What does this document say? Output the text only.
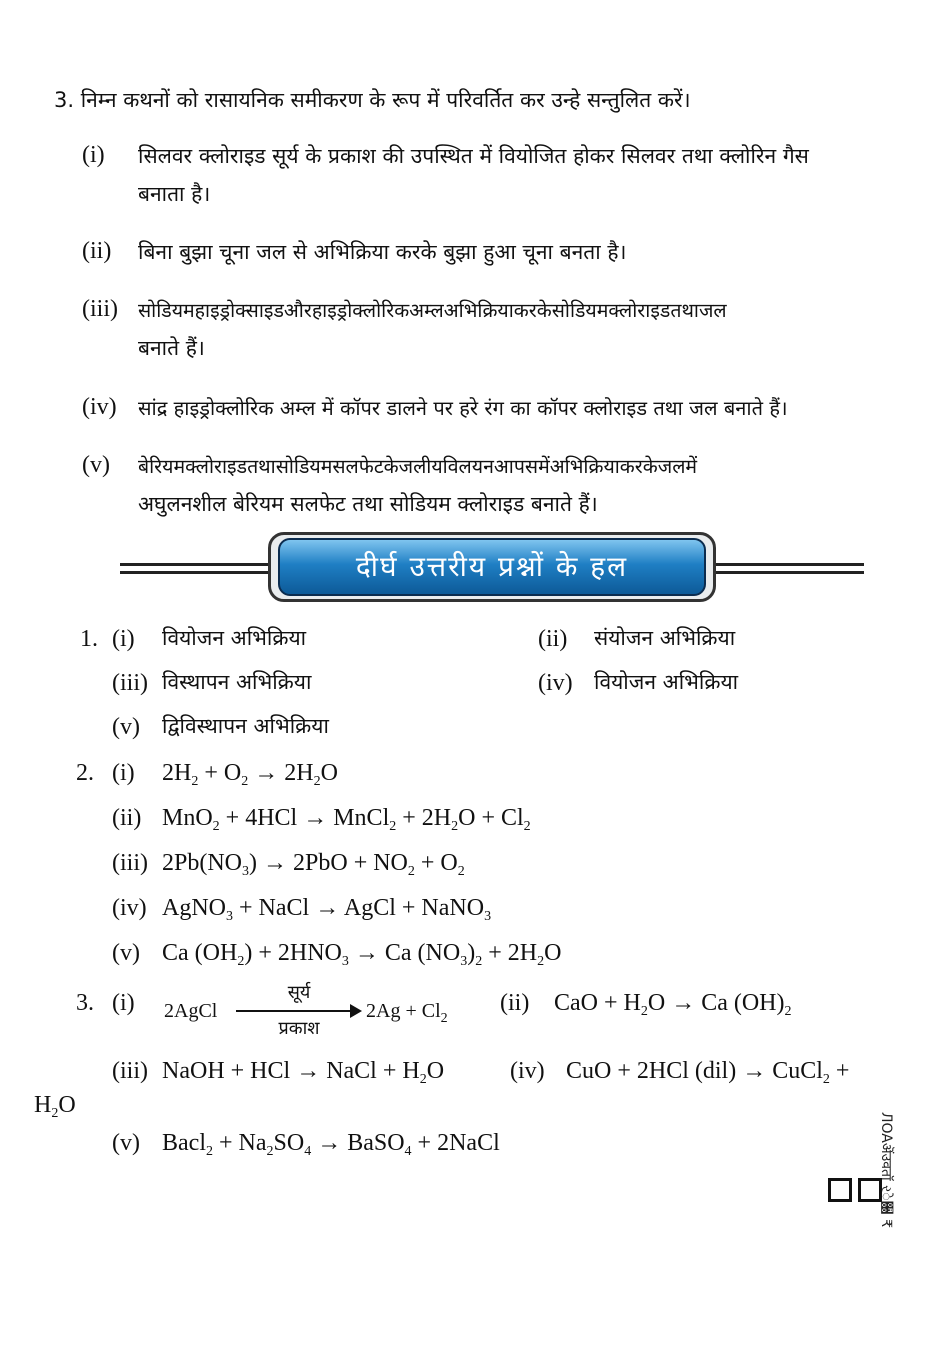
3. निम्न कथनों को रासायनिक समीकरण के रूप में परिवर्तित कर उन्हे सन्तुलित करें।
(i) सिलवर क्लोराइड सूर्य के प्रकाश की उपस्थित में वियोजित होकर सिलवर तथा क्लोरिन गैस
बनाता है।
(ii) बिना बुझा चूना जल से अभिक्रिया करके बुझा हुआ चूना बनता है।
(iii) सोडियमहाइड्रोक्साइडऔरहाइड्रोक्लोरिकअम्लअभिक्रियाकरकेसोडियमक्लोराइडतथाजल
बनाते हैं।
(iv) सांद्र हाइड्रोक्लोरिक अम्ल में कॉपर डालने पर हरे रंग का कॉपर क्लोराइड तथा जल बनाते हैं।
(v) बेरियमक्लोराइडतथासोडियमसलफेटकेजलीयविलयनआपसमेंअभिक्रियाकरकेजलमें
अघुलनशील बेरियम सलफेट तथा सोडियम क्लोराइड बनाते हैं।
दीर्घ उत्तरीय प्रश्नों के हल
1. (i) वियोजन अभिक्रिया	(ii) संयोजन अभिक्रिया
(iii) विस्थापन अभिक्रिया	(iv) वियोजन अभिक्रिया
(v) द्विविस्थापन अभिक्रिया
2. (i) $2H_2 + O_2 \to 2H_2O$
(ii) MnO$_2$ + 4HCl → MnCl$_2$ + $2H_2O + Cl_2$
(iii) $2Pb(NO_3) \to 2PbO + NO_2 + O_2$
(iv) AgNO$_3$ + NaCl → AgCl + NaNO$_3$
(v) Ca $(OH_2) + 2HNO_3 \to Ca$ $(NO_3)_2 + 2H_2O$
3. (i) 2AgCl
सूर्य
प्रकाश
$2Ag + Cl_2$
(ii) CaO + $H_2O \to Ca$ $(OH)_2$
(iii) NaOH + HCl → NaCl + $H_2O$	(iv) CuO + 2HCl (dil) → CuCl$_2$ +
$H_2O$
(v) Bacl$_2$ + $Na_2SO_4$ → BaSO$_4$ + 2NaCl	ЛOAऄंउवतॉ રे਀ ₹
